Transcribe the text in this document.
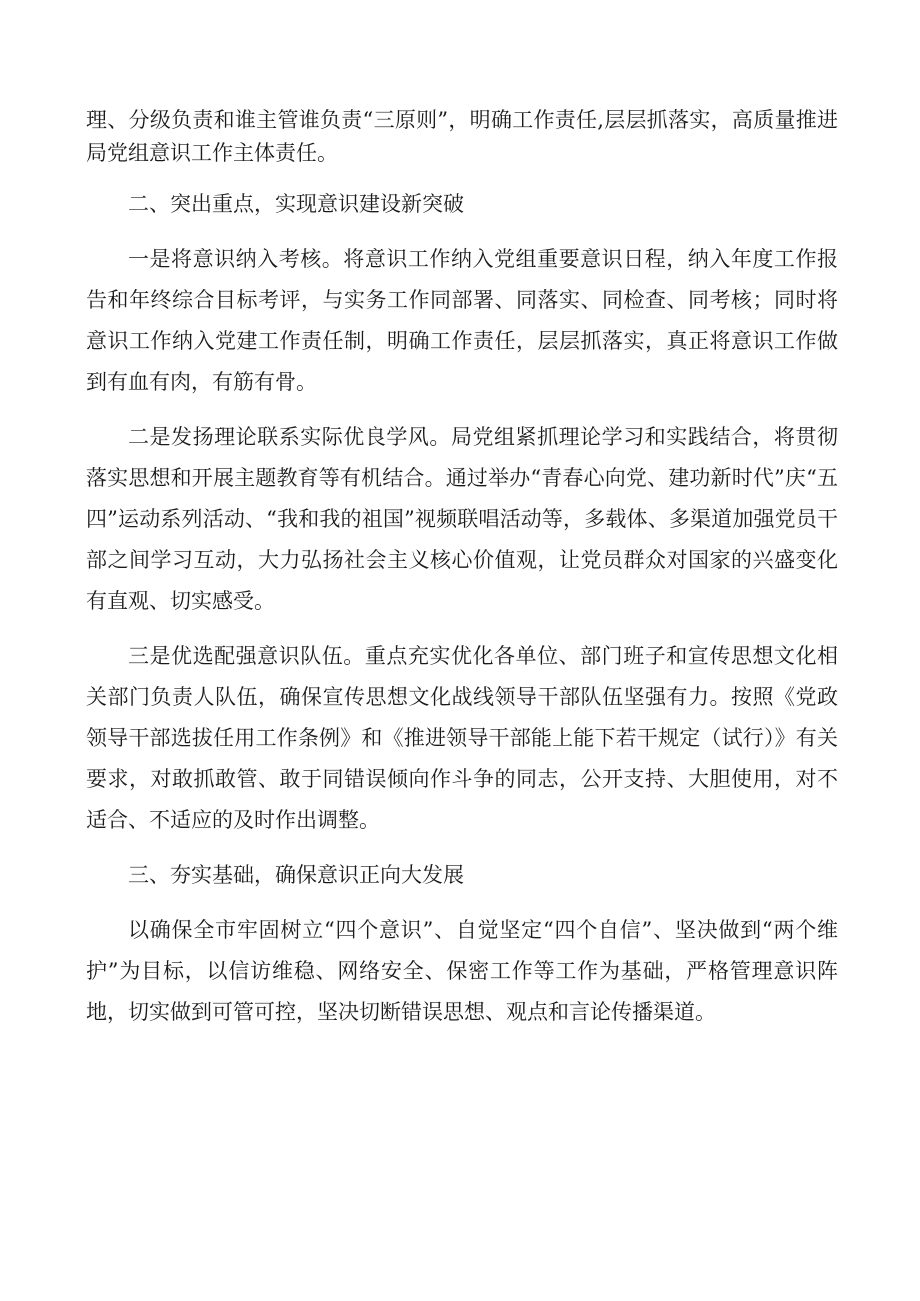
理、分级负责和谁主管谁负责“三原则”，明确工作责任,层层抓落实，高质量推进局党组意识工作主体责任。

二、突出重点，实现意识建设新突破

一是将意识纳入考核。将意识工作纳入党组重要意识日程，纳入年度工作报告和年终综合目标考评，与实务工作同部署、同落实、同检查、同考核；同时将意识工作纳入党建工作责任制，明确工作责任，层层抓落实，真正将意识工作做到有血有肉，有筋有骨。

二是发扬理论联系实际优良学风。局党组紧抓理论学习和实践结合，将贯彻落实思想和开展主题教育等有机结合。通过举办“青春心向党、建功新时代”庆“五四”运动系列活动、“我和我的祖国”视频联唱活动等，多载体、多渠道加强党员干部之间学习互动，大力弘扬社会主义核心价值观，让党员群众对国家的兴盛变化有直观、切实感受。

三是优选配强意识队伍。重点充实优化各单位、部门班子和宣传思想文化相关部门负责人队伍，确保宣传思想文化战线领导干部队伍坚强有力。按照《党政领导干部选拔任用工作条例》和《推进领导干部能上能下若干规定（试行）》有关要求，对敢抓敢管、敢于同错误倾向作斗争的同志，公开支持、大胆使用，对不适合、不适应的及时作出调整。

三、夯实基础，确保意识正向大发展

以确保全市牢固树立“四个意识”、自觉坚定“四个自信”、坚决做到“两个维护”为目标，以信访维稳、网络安全、保密工作等工作为基础，严格管理意识阵地，切实做到可管可控，坚决切断错误思想、观点和言论传播渠道。
